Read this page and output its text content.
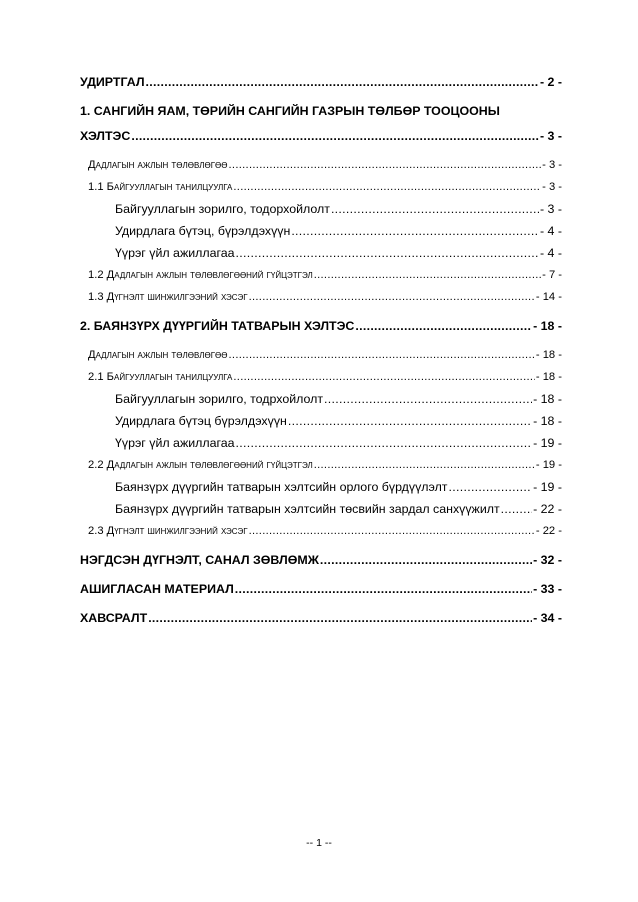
УДИРТГАЛ .....	- 2 -
1. САНГИЙН ЯАМ, ТӨРИЙН САНГИЙН ГАЗРЫН ТӨЛБӨР ТООЦООНЫ
ХЭЛТЭС .....	- 3 -
Дадлагын ажлын төлөвлөгөө .....	- 3 -
1.1 Байгууллагын танилцуулга .....	- 3 -
Байгууллагын зорилго, тодорхойлолт .....	- 3 -
Удирдлага бүтэц, бүрэлдэхүүн .....	- 4 -
Үүрэг үйл ажиллагаа .....	- 4 -
1.2 Дадлагын ажлын төлөвлөгөөний гүйцэтгэл .....	- 7 -
1.3 Дүгнэлт шинжилгээний хэсэг .....	- 14 -
2. БАЯНЗҮРХ ДҮҮРГИЙН ТАТВАРЫН ХЭЛТЭС .....	- 18 -
Дадлагын ажлын төлөвлөгөө .....	- 18 -
2.1 Байгууллагын танилцуулга .....	- 18 -
Байгууллагын зорилго, тодрхойлолт .....	- 18 -
Удирдлага бүтэц бүрэлдэхүүн .....	- 18 -
Үүрэг үйл ажиллагаа .....	- 19 -
2.2 Дадлагын ажлын төлөвлөгөөний гүйцэтгэл .....	- 19 -
Баянзүрх дүүргийн татварын хэлтсийн орлого бүрдүүлэлт .....	- 19 -
Баянзүрх дүүргийн татварын хэлтсийн төсвийн зардал санхүүжилт .....	- 22 -
2.3 Дүгнэлт шинжилгээний хэсэг .....	- 22 -
НЭГДСЭН ДҮГНЭЛТ, САНАЛ ЗӨВЛӨМЖ .....	- 32 -
АШИГЛАСАН МАТЕРИАЛ .....	- 33 -
ХАВСРАЛТ .....	- 34 -
-- 1 --
